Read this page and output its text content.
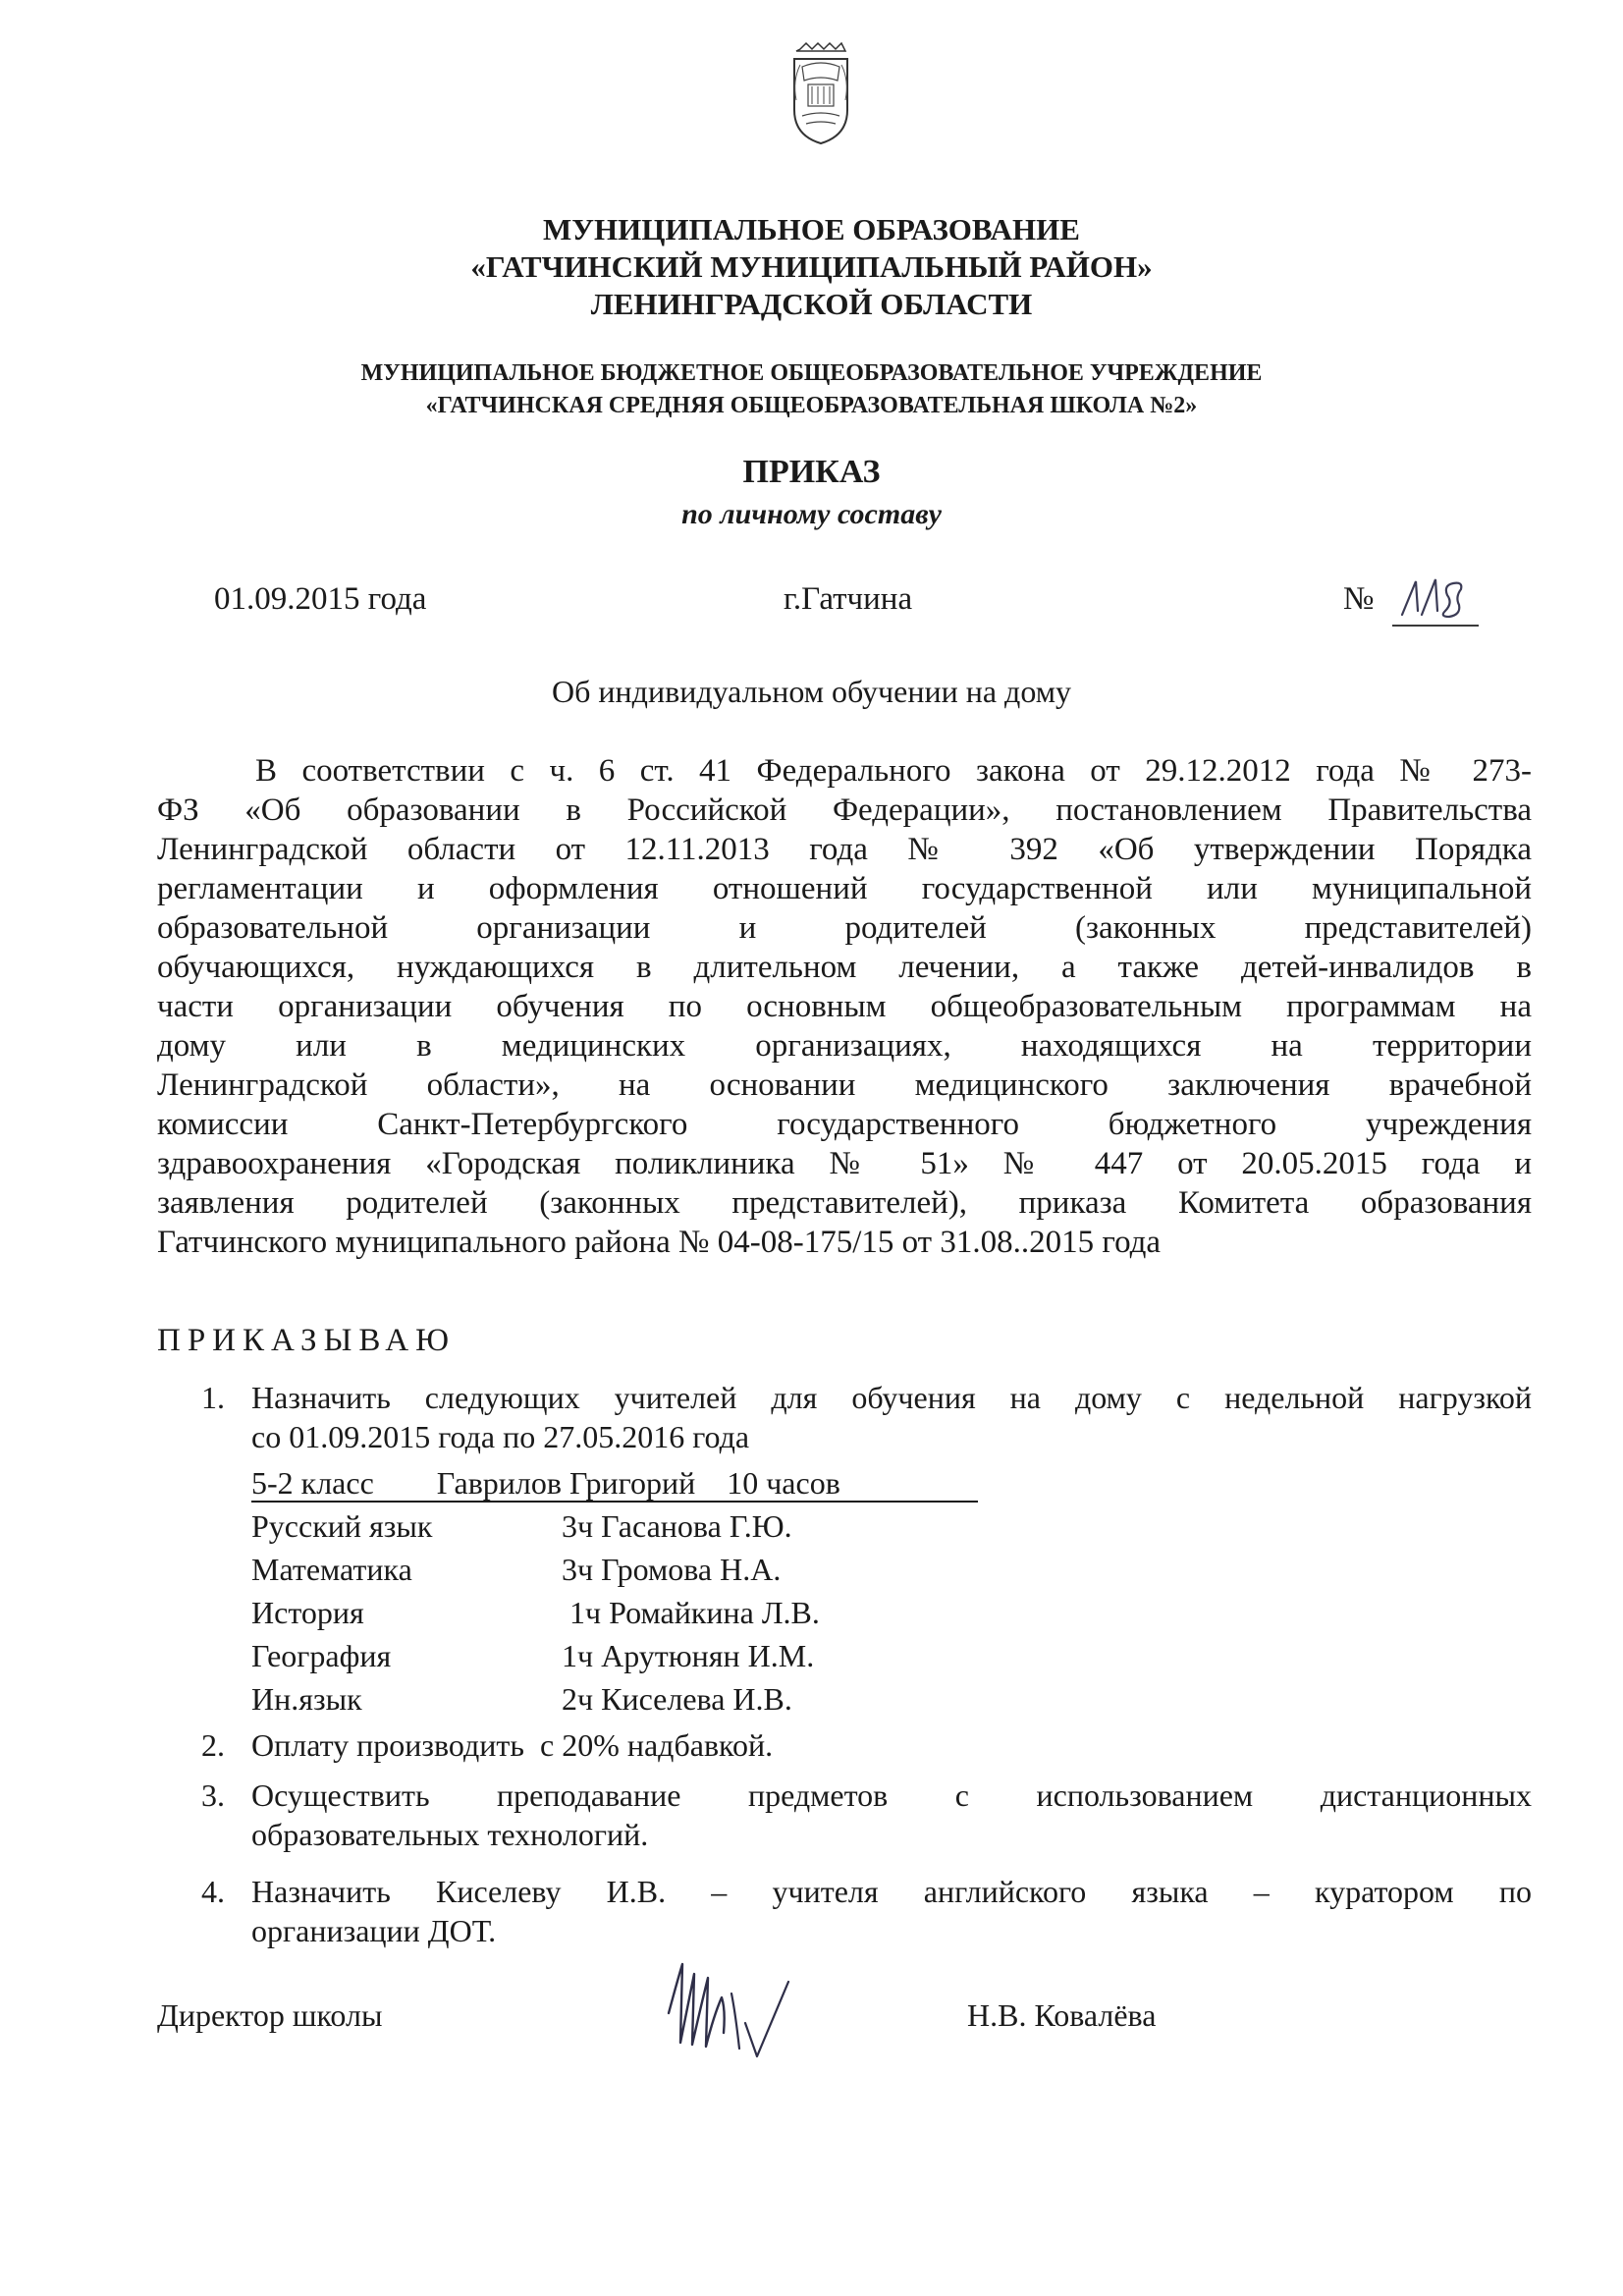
МУНИЦИПАЛЬНОЕ ОБРАЗОВАНИЕ
«ГАТЧИНСКИЙ МУНИЦИПАЛЬНЫЙ РАЙОН»
ЛЕНИНГРАДСКОЙ ОБЛАСТИ
МУНИЦИПАЛЬНОЕ БЮДЖЕТНОЕ ОБЩЕОБРАЗОВАТЕЛЬНОЕ УЧРЕЖДЕНИЕ
«ГАТЧИНСКАЯ СРЕДНЯЯ ОБЩЕОБРАЗОВАТЕЛЬНАЯ ШКОЛА №2»
ПРИКАЗ
по личному составу
01.09.2015 года	г.Гатчина	№
Об индивидуальном обучении на дому
В соответствии с ч. 6 ст. 41 Федерального закона от 29.12.2012 года № 273-
ФЗ «Об образовании в Российской Федерации», постановлением Правительства
Ленинградской области от 12.11.2013 года № 392 «Об утверждении Порядка
регламентации и оформления отношений государственной или муниципальной
образовательной организации и родителей (законных представителей)
обучающихся, нуждающихся в длительном лечении, а также детей-инвалидов в
части организации обучения по основным общеобразовательным программам на
дому или в медицинских организациях, находящихся на территории
Ленинградской области», на основании медицинского заключения врачебной
комиссии Санкт-Петербургского государственного бюджетного учреждения
здравоохранения «Городская поликлиника № 51» № 447 от 20.05.2015 года и
заявления родителей (законных представителей), приказа Комитета образования
Гатчинского муниципального района № 04-08-175/15 от 31.08..2015 года
ПРИКАЗЫВАЮ
1. Назначить следующих учителей для обучения на дому с недельной нагрузкой
со 01.09.2015 года по 27.05.2016 года
5-2 класс        Гаврилов Григорий    10 часов
Русский язык	3ч Гасанова Г.Ю.
Математика	3ч Громова Н.А.
История	1ч Ромайкина Л.В.
География	1ч Арутюнян И.М.
Ин.язык	2ч Киселева И.В.
2. Оплату производить  с 20% надбавкой.
3. Осуществить преподавание предметов с использованием дистанционных
образовательных технологий.
4. Назначить Киселеву И.В. – учителя английского языка – куратором по
организации ДОТ.
Директор школы	Н.В. Ковалёва
